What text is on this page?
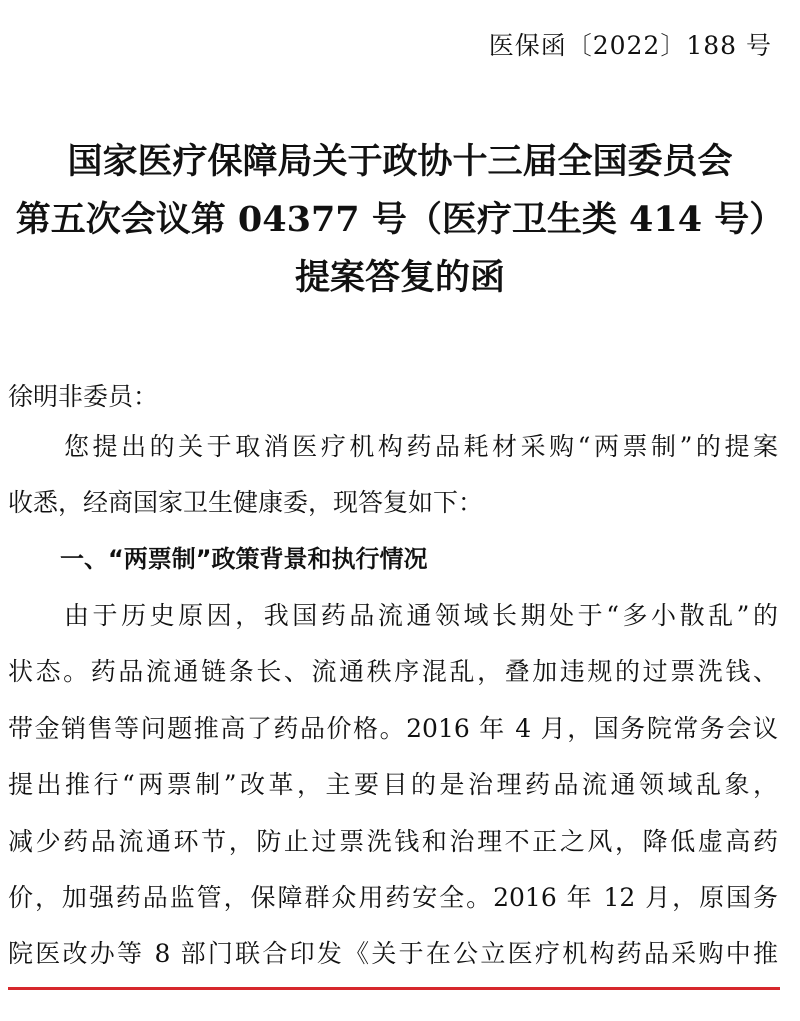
医保函〔2022〕188 号
国家医疗保障局关于政协十三届全国委员会
第五次会议第 04377 号（医疗卫生类 414 号）
提案答复的函
徐明非委员：
您提出的关于取消医疗机构药品耗材采购“两票制”的提案
收悉，经商国家卫生健康委，现答复如下：
一、“两票制”政策背景和执行情况
由于历史原因，我国药品流通领域长期处于“多小散乱”的
状态。药品流通链条长、流通秩序混乱，叠加违规的过票洗钱、
带金销售等问题推高了药品价格。2016 年 4 月，国务院常务会议
提出推行“两票制”改革，主要目的是治理药品流通领域乱象，
减少药品流通环节，防止过票洗钱和治理不正之风，降低虚高药
价，加强药品监管，保障群众用药安全。2016 年 12 月，原国务
院医改办等 8 部门联合印发《关于在公立医疗机构药品采购中推
